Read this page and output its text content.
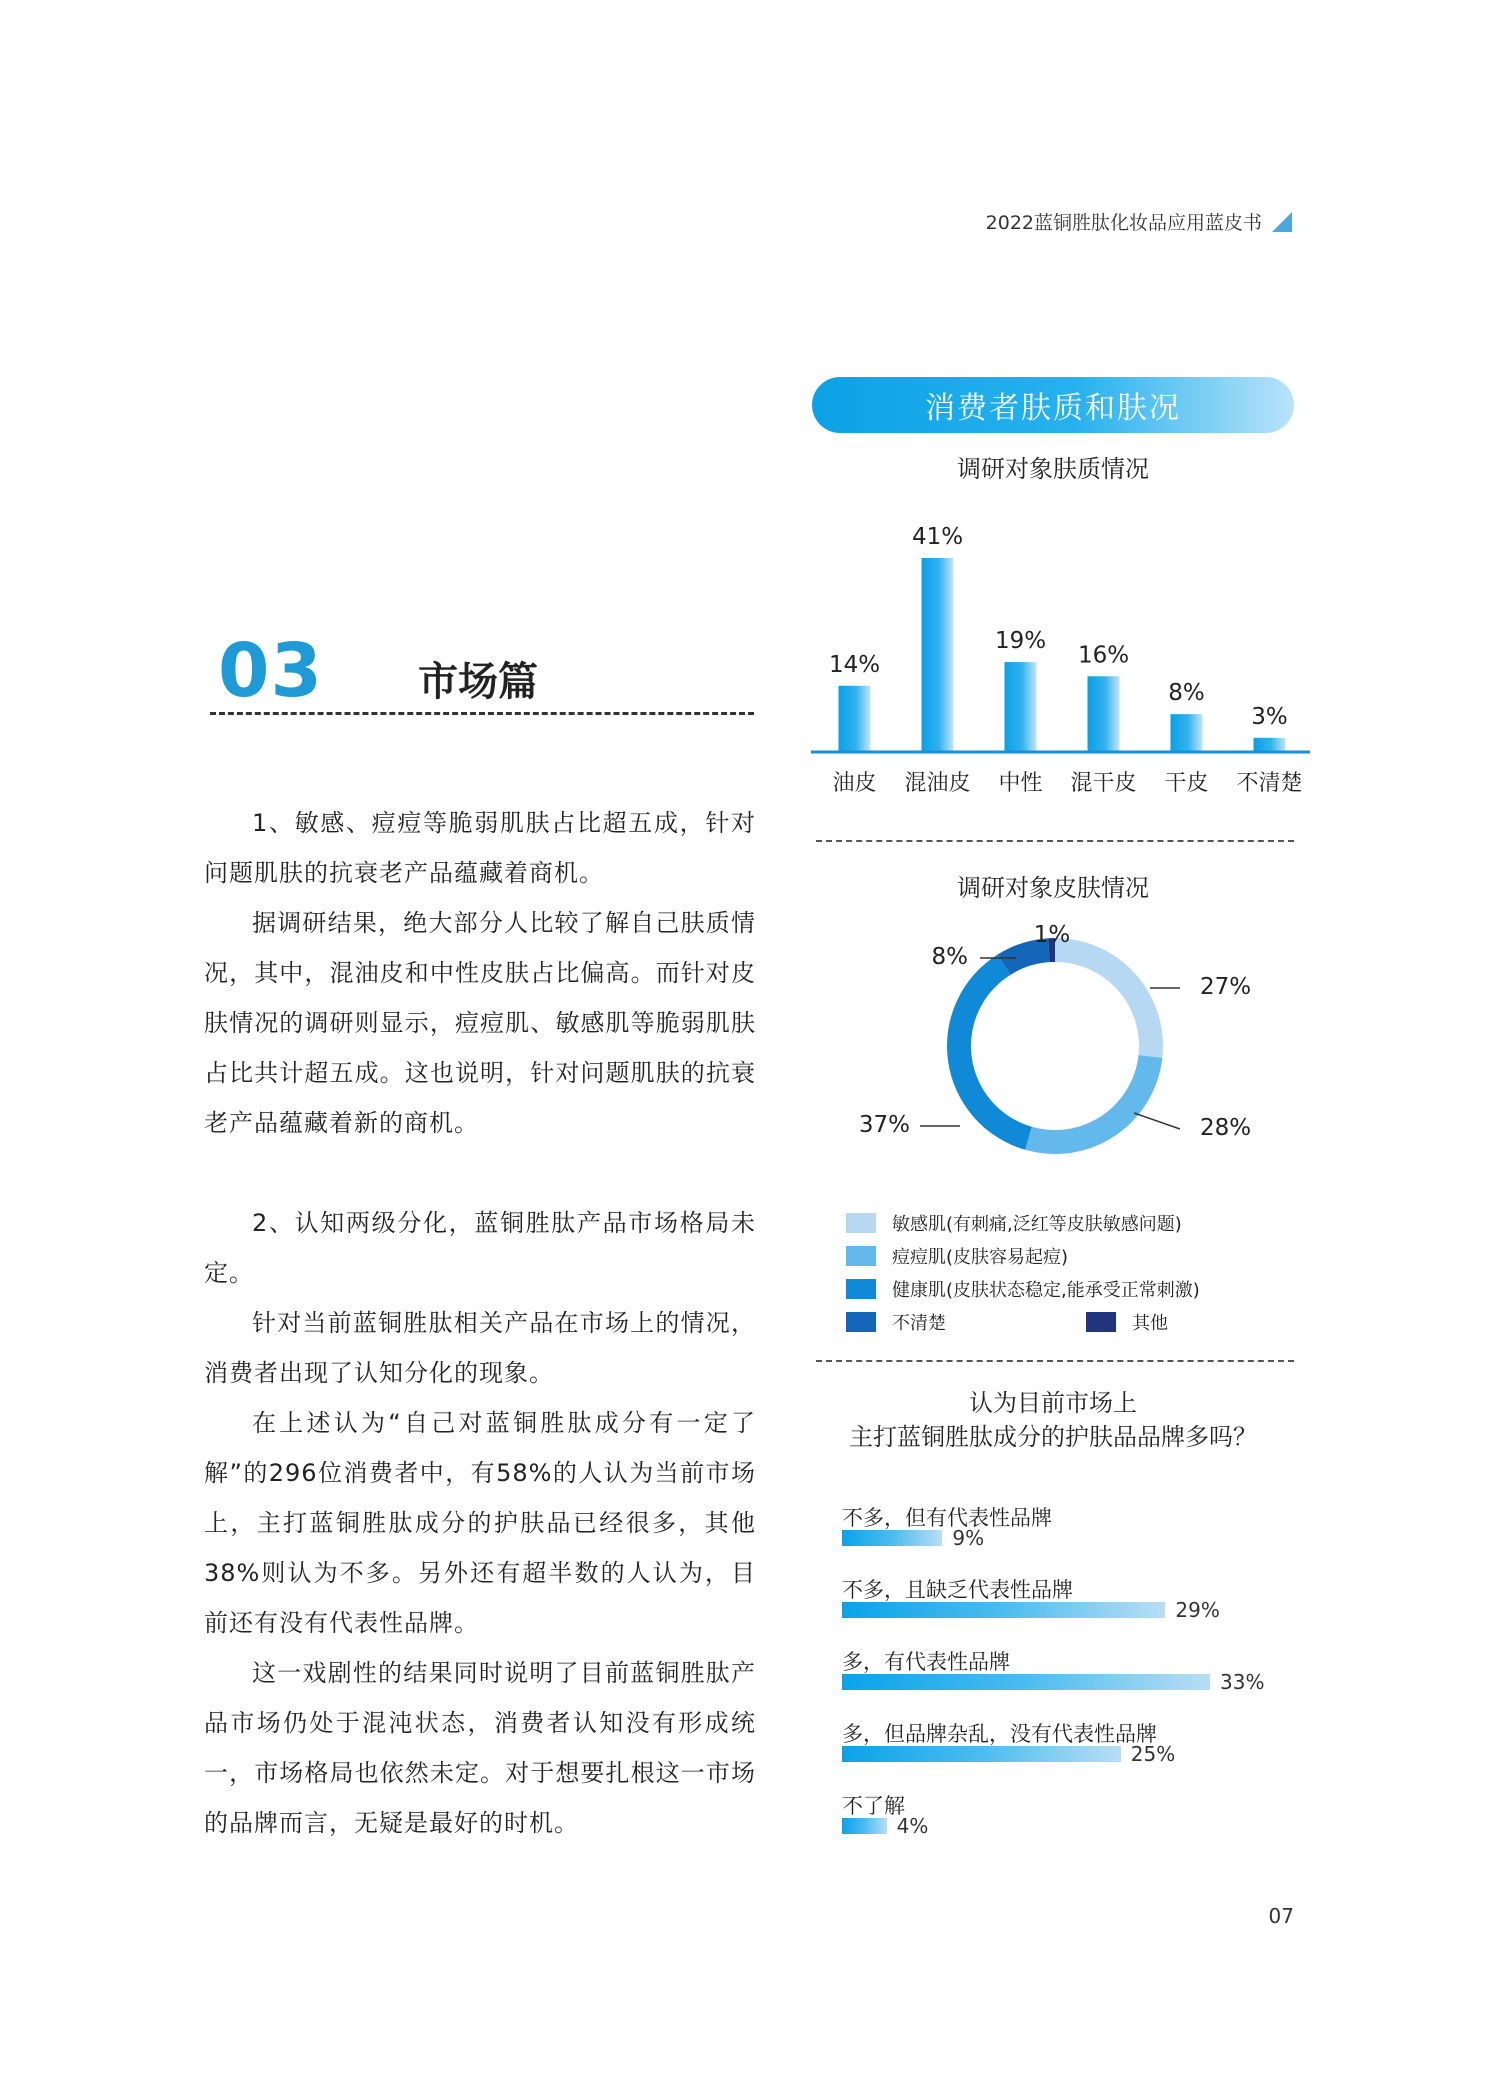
2022蓝铜胜肽化妆品应用蓝皮书
03 市场篇

1、敏感、痘痘等脆弱肌肤占比超五成，针对问题肌肤的抗衰老产品蕴藏着商机。

据调研结果，绝大部分人比较了解自己肤质情况，其中，混油皮和中性皮肤占比偏高。而针对皮肤情况的调研则显示，痘痘肌、敏感肌等脆弱肌肤占比共计超五成。这也说明，针对问题肌肤的抗衰老产品蕴藏着新的商机。

2、认知两级分化，蓝铜胜肽产品市场格局未定。

针对当前蓝铜胜肽相关产品在市场上的情况，消费者出现了认知分化的现象。

在上述认为“自己对蓝铜胜肽成分有一定了解”的296位消费者中，有58%的人认为当前市场上，主打蓝铜胜肽成分的护肤品已经很多，其他38%则认为不多。另外还有超半数的人认为，目前还有没有代表性品牌。

这一戏剧性的结果同时说明了目前蓝铜胜肽产品市场仍处于混沌状态，消费者认知没有形成统一，市场格局也依然未定。对于想要扎根这一市场的品牌而言，无疑是最好的时机。

消费者肤质和肤况
调研对象肤质情况
14%
油皮
41%
混油皮
19%
中性
16%
混干皮
8%
干皮
3%
不清楚
调研对象皮肤情况
27%
28%
37%
8%
1%
敏感肌(有刺痛,泛红等皮肤敏感问题)
痘痘肌(皮肤容易起痘)
健康肌(皮肤状态稳定,能承受正常刺激)
不清楚	其他
认为目前市场上
主打蓝铜胜肽成分的护肤品品牌多吗？
不多，但有代表性品牌
9%
不多，且缺乏代表性品牌
29%
多，有代表性品牌
33%
多，但品牌杂乱，没有代表性品牌
25%
不了解
4%
07
